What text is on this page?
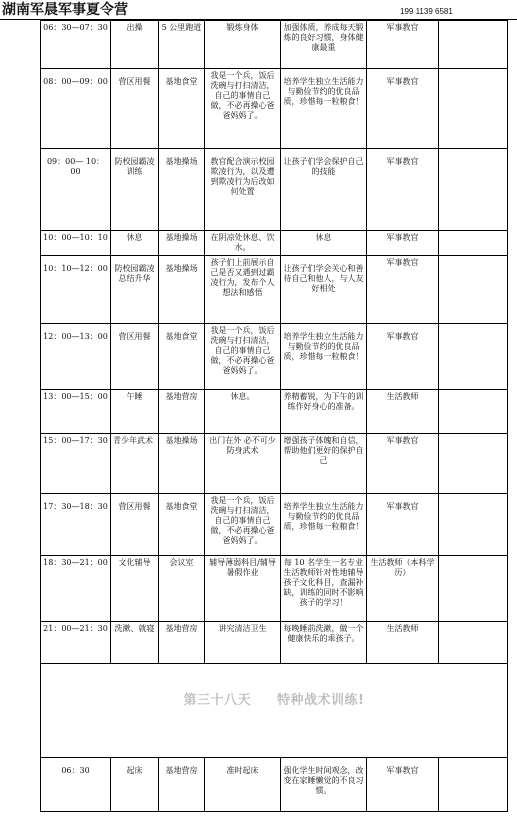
湖南军晨军事夏令营	199 1139 6581
06：30—07：30	出操	5 公里跑道	锻炼身体	加强体质，养成每天锻炼的良好习惯，身体健康最重	军事教官	
08：00—09：00	营区用餐	基地食堂	我是一个兵，饭后洗碗与打扫清洁， 自己的事情自己做，不必再操心爸爸妈妈了。	培养学生独立生活能力与勤俭节约的优良品质，珍惜每一粒粮食！	军事教官	
09：00— 10：00	防校园霸凌训练	基地操场	教官配合演示校园欺凌行为，以及遭到欺凌行为后改如何处置	让孩子们学会保护自己的技能	军事教官	
10：00—10：10	休息	基地操场	在阴凉处休息、饮水。	休息	军事教官	
10：10—12：00	防校园霸凌总结升华	基地操场	孩子们上前展示自己是否又遇到过霸凌行为，发布个人想法和感悟	让孩子们学会关心和善待自己和他人，与人友好相处	军事教官	
12：00—13：00	营区用餐	基地食堂	我是一个兵，饭后洗碗与打扫清洁， 自己的事情自己做，不必再操心爸爸妈妈了。	培养学生独立生活能力与勤俭节约的优良品质，珍惜每一粒粮食！	军事教官	
13：00—15：00	午睡	基地营房	休息。	养精蓄锐，为下午的训练作好身心的准备。	生活教师	
15：00—17：30	青少年武术	基地操场	出门在外 必不可少防身武术	增强孩子体魄和自信，帮助他们更好的保护自己	军事教官	
17：30—18：30	营区用餐	基地食堂	我是一个兵，饭后洗碗与打扫清洁， 自己的事情自己做，不必再操心爸爸妈妈了。	培养学生独立生活能力与勤俭节约的优良品质，珍惜每一粒粮食！	军事教官	
18：30—21：00	文化辅导	会议室	辅导薄弱科目/辅导暑假作业	每 10 名学生一名专业生活教师针对性地辅导孩子文化科目，查漏补缺，训练的同时不影响孩子的学习！	生活教师（本科学历）	
21：00—21：30	洗漱、就寝	基地营房	讲究清洁卫生	每晚睡前洗漱，做一个健康快乐的乖孩子。	生活教师	

第三十八天 特种战术训练!						

06：30	起床	基地营房	准时起床	强化学生时间观念，改变在家睡懒觉的不良习惯。	军事教官	
